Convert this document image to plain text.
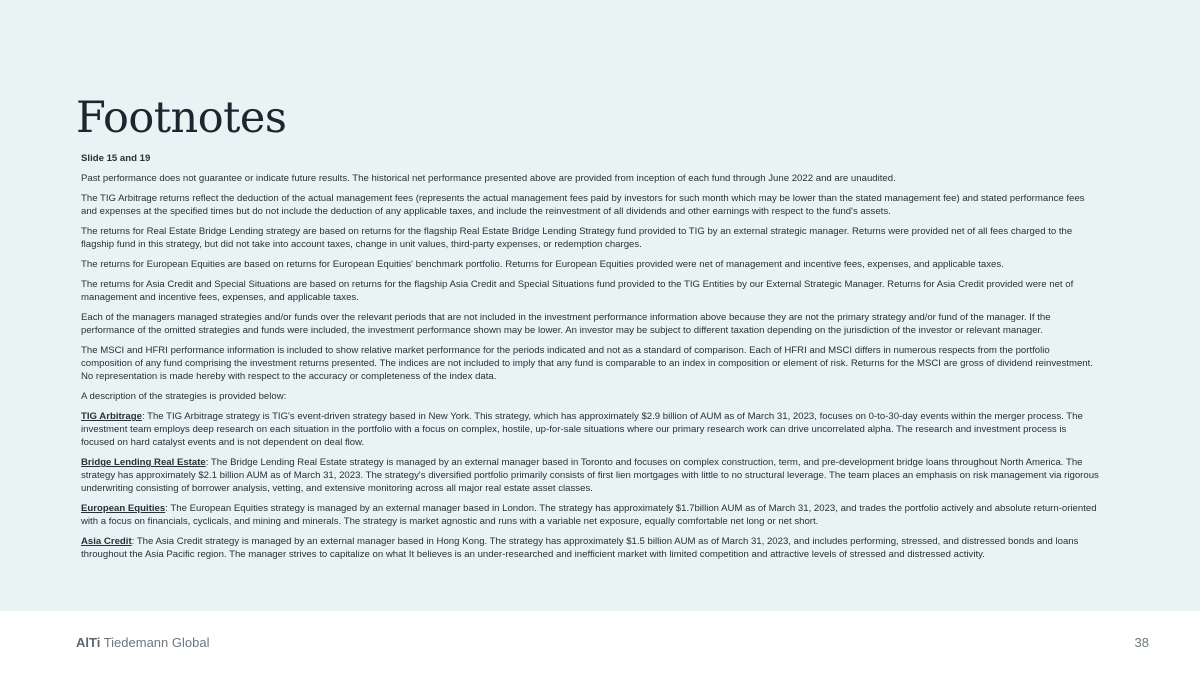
Footnotes

Slide 15 and 19

Past performance does not guarantee or indicate future results. The historical net performance presented above are provided from inception of each fund through June 2022 and are unaudited.

The TIG Arbitrage returns reflect the deduction of the actual management fees (represents the actual management fees paid by investors for such month which may be lower than the stated management fee) and stated performance fees and expenses at the specified times but do not include the deduction of any applicable taxes, and include the reinvestment of all dividends and other earnings with respect to the fund's assets.

The returns for Real Estate Bridge Lending strategy are based on returns for the flagship Real Estate Bridge Lending Strategy fund provided to TIG by an external strategic manager. Returns were provided net of all fees charged to the flagship fund in this strategy, but did not take into account taxes, change in unit values, third-party expenses, or redemption charges.

The returns for European Equities are based on returns for European Equities' benchmark portfolio. Returns for European Equities provided were net of management and incentive fees, expenses, and applicable taxes.

The returns for Asia Credit and Special Situations are based on returns for the flagship Asia Credit and Special Situations fund provided to the TIG Entities by our External Strategic Manager. Returns for Asia Credit provided were net of management and incentive fees, expenses, and applicable taxes.

Each of the managers managed strategies and/or funds over the relevant periods that are not included in the investment performance information above because they are not the primary strategy and/or fund of the manager. If the performance of the omitted strategies and funds were included, the investment performance shown may be lower. An investor may be subject to different taxation depending on the jurisdiction of the investor or relevant manager.

The MSCI and HFRI performance information is included to show relative market performance for the periods indicated and not as a standard of comparison. Each of HFRI and MSCI differs in numerous respects from the portfolio composition of any fund comprising the investment returns presented. The indices are not included to imply that any fund is comparable to an index in composition or element of risk. Returns for the MSCI are gross of dividend reinvestment. No representation is made hereby with respect to the accuracy or completeness of the index data.

A description of the strategies is provided below:

TIG Arbitrage: The TIG Arbitrage strategy is TIG's event-driven strategy based in New York. This strategy, which has approximately $2.9 billion of AUM as of March 31, 2023, focuses on 0-to-30-day events within the merger process. The investment team employs deep research on each situation in the portfolio with a focus on complex, hostile, up-for-sale situations where our primary research work can drive uncorrelated alpha. The research and investment process is focused on hard catalyst events and is not dependent on deal flow.

Bridge Lending Real Estate: The Bridge Lending Real Estate strategy is managed by an external manager based in Toronto and focuses on complex construction, term, and pre-development bridge loans throughout North America. The strategy has approximately $2.1 billion AUM as of March 31, 2023. The strategy's diversified portfolio primarily consists of first lien mortgages with little to no structural leverage. The team places an emphasis on risk management via rigorous underwriting consisting of borrower analysis, vetting, and extensive monitoring across all major real estate asset classes.

European Equities: The European Equities strategy is managed by an external manager based in London. The strategy has approximately $1.7billion AUM as of March 31, 2023, and trades the portfolio actively and absolute return-oriented with a focus on financials, cyclicals, and mining and minerals. The strategy is market agnostic and runs with a variable net exposure, equally comfortable net long or net short.

Asia Credit: The Asia Credit strategy is managed by an external manager based in Hong Kong. The strategy has approximately $1.5 billion AUM as of March 31, 2023, and includes performing, stressed, and distressed bonds and loans throughout the Asia Pacific region. The manager strives to capitalize on what It believes is an under-researched and inefficient market with limited competition and attractive levels of stressed and distressed activity.

AlTi Tiedemann Global	38
